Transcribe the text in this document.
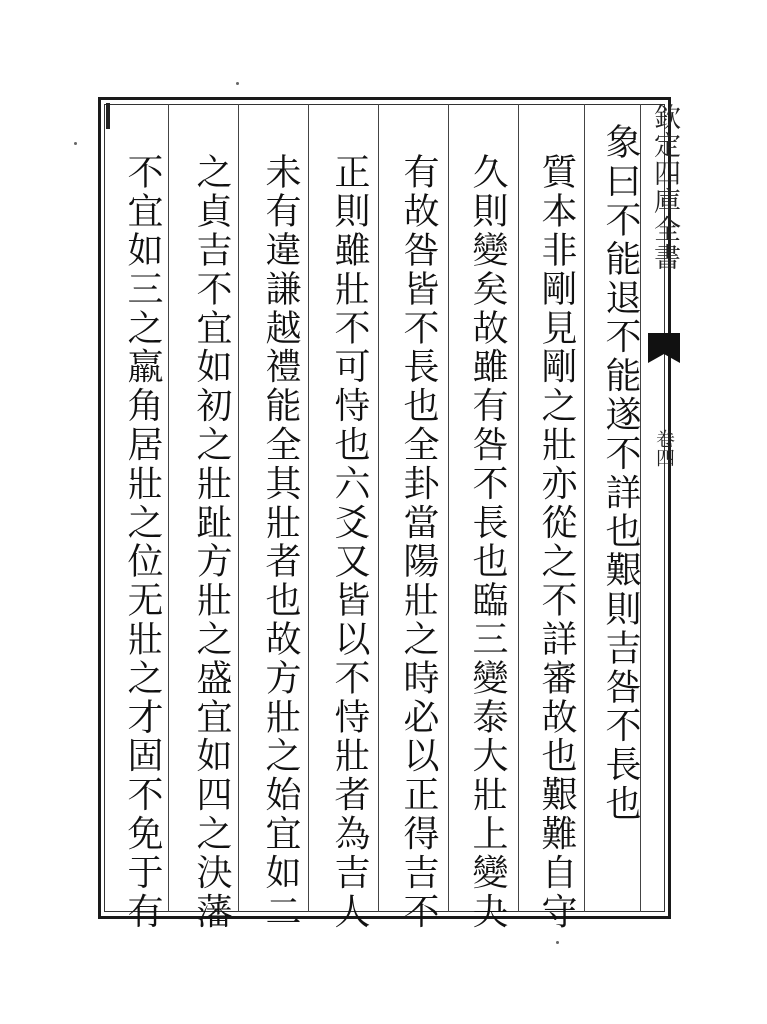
象曰不能退不能遂不詳也艱則吉咎不長也
質本非剛見剛之壯亦從之不詳審故也艱難自守
久則變矣故雖有咎不長也臨三變泰大壯上變夬
有故咎皆不長也全卦當陽壯之時必以正得吉不
正則雖壯不可恃也六爻又皆以不恃壯者為吉人
未有違謙越禮能全其壯者也故方壯之始宜如二
之貞吉不宜如初之壯趾方壯之盛宜如四之決藩
不宜如三之羸角居壯之位无壯之才固不免于有	欽定四庫全書
卷四
